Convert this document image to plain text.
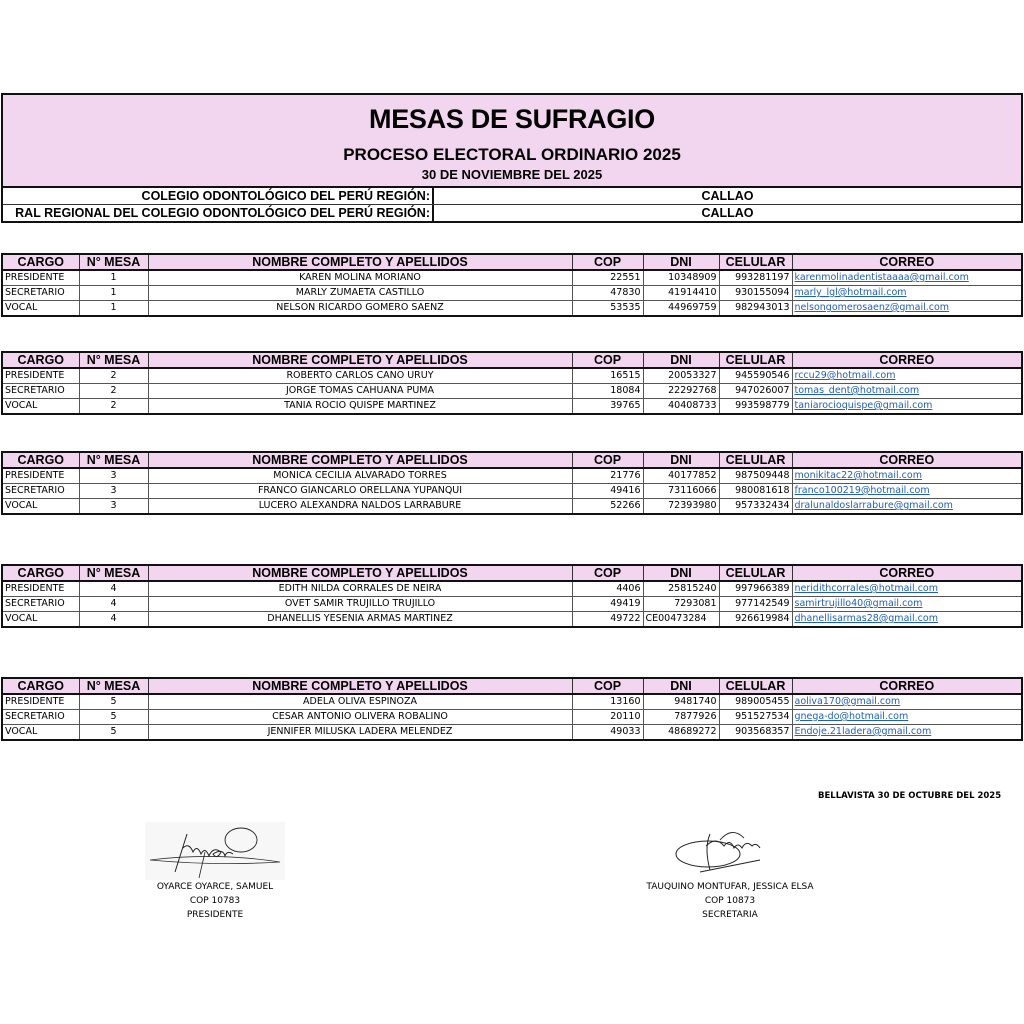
MESAS DE SUFRAGIO
PROCESO ELECTORAL ORDINARIO 2025
30 DE NOVIEMBRE DEL 2025
COLEGIO ODONTOLÓGICO DEL PERÚ REGIÓN:	CALLAO
RAL REGIONAL DEL COLEGIO ODONTOLÓGICO DEL PERÚ REGIÓN:	CALLAO
CARGO	N° MESA	NOMBRE COMPLETO Y APELLIDOS	COP	DNI	CELULAR	CORREO
PRESIDENTE	1	KAREN MOLINA MORIANO	22551	10348909	993281197	karenmolinadentistaaaa@gmail.com
SECRETARIO	1	MARLY ZUMAETA CASTILLO	47830	41914410	930155094	marly_lgl@hotmail.com
VOCAL	1	NELSON RICARDO GOMERO SAENZ	53535	44969759	982943013	nelsongomerosaenz@gmail.com
CARGO	N° MESA	NOMBRE COMPLETO Y APELLIDOS	COP	DNI	CELULAR	CORREO
PRESIDENTE	2	ROBERTO CARLOS CANO URUY	16515	20053327	945590546	rccu29@hotmail.com
SECRETARIO	2	JORGE TOMAS CAHUANA PUMA	18084	22292768	947026007	tomas_dent@hotmail.com
VOCAL	2	TANIA ROCIO QUISPE MARTINEZ	39765	40408733	993598779	taniarocioquispe@gmail.com
CARGO	N° MESA	NOMBRE COMPLETO Y APELLIDOS	COP	DNI	CELULAR	CORREO
PRESIDENTE	3	MONICA CECILIA ALVARADO TORRES	21776	40177852	987509448	monikitac22@hotmail.com
SECRETARIO	3	FRANCO GIANCARLO ORELLANA YUPANQUI	49416	73116066	980081618	franco100219@hotmail.com
VOCAL	3	LUCERO ALEXANDRA NALDOS LARRABURE	52266	72393980	957332434	dralunaldoslarrabure@gmail.com
CARGO	N° MESA	NOMBRE COMPLETO Y APELLIDOS	COP	DNI	CELULAR	CORREO
PRESIDENTE	4	EDITH NILDA CORRALES DE NEIRA	4406	25815240	997966389	neridithcorrales@hotmail.com
SECRETARIO	4	OVET SAMIR TRUJILLO TRUJILLO	49419	7293081	977142549	samirtrujillo40@gmail.com
VOCAL	4	DHANELLIS YESENIA ARMAS MARTINEZ	49722	CE00473284	926619984	dhanellisarmas28@gmail.com
CARGO	N° MESA	NOMBRE COMPLETO Y APELLIDOS	COP	DNI	CELULAR	CORREO
PRESIDENTE	5	ADELA OLIVA ESPINOZA	13160	9481740	989005455	aoliva170@gmail.com
SECRETARIO	5	CESAR ANTONIO OLIVERA ROBALINO	20110	7877926	951527534	gnega-do@hotmail.com
VOCAL	5	JENNIFER MILUSKA LADERA MELENDEZ	49033	48689272	903568357	Endoje.21ladera@gmail.com
BELLAVISTA 30 DE OCTUBRE DEL 2025
OYARCE OYARCE, SAMUEL
COP 10783
PRESIDENTE
TAUQUINO MONTUFAR, JESSICA ELSA
COP 10873
SECRETARIA
